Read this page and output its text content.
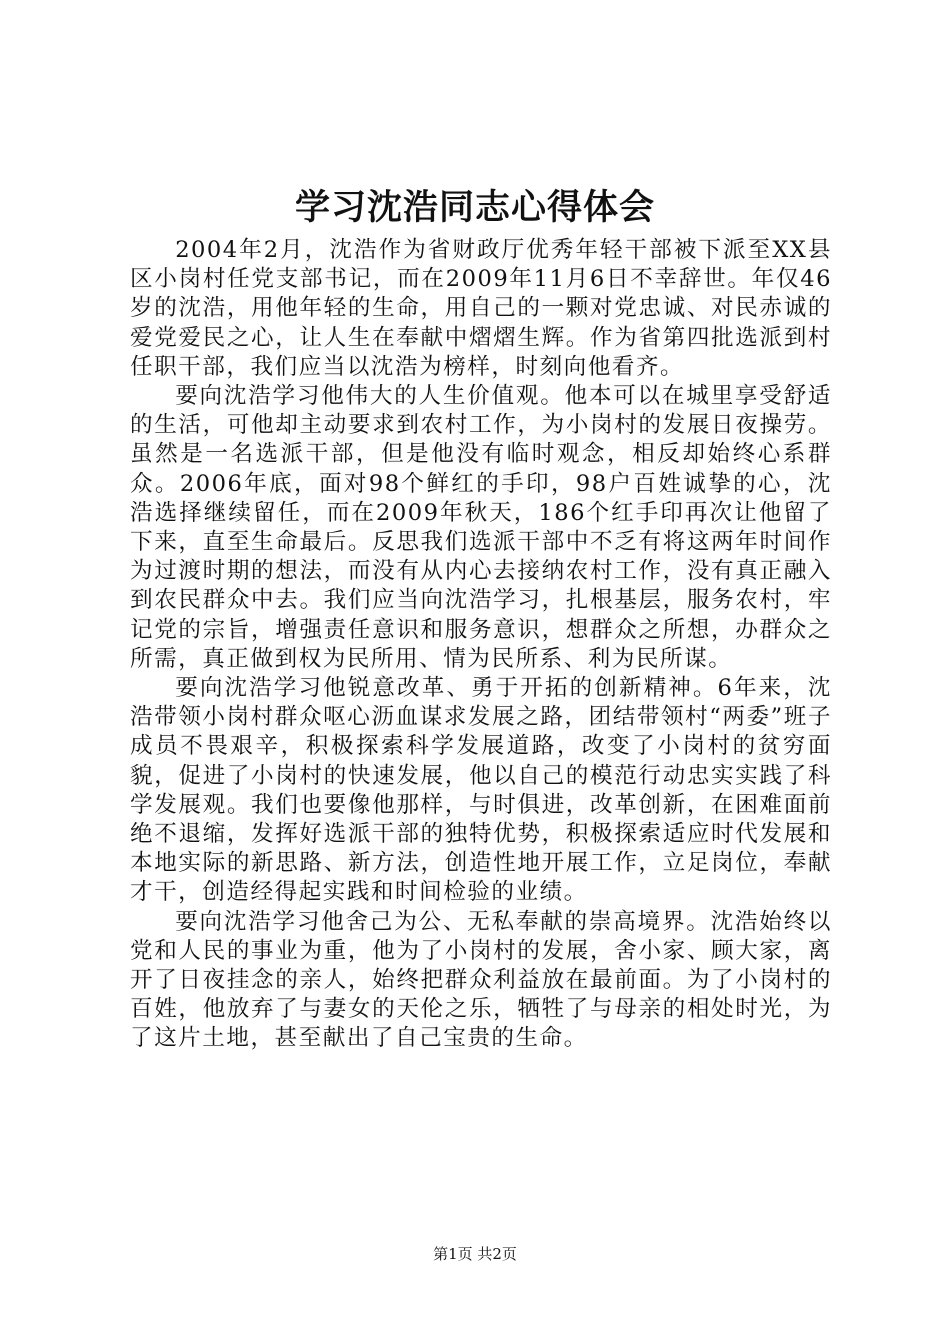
学习沈浩同志心得体会

2004年2月，沈浩作为省财政厅优秀年轻干部被下派至XX县区小岗村任党支部书记，而在2009年11月6日不幸辞世。年仅46岁的沈浩，用他年轻的生命，用自己的一颗对党忠诚、对民赤诚的爱党爱民之心，让人生在奉献中熠熠生辉。作为省第四批选派到村任职干部，我们应当以沈浩为榜样，时刻向他看齐。

要向沈浩学习他伟大的人生价值观。他本可以在城里享受舒适的生活，可他却主动要求到农村工作，为小岗村的发展日夜操劳。虽然是一名选派干部，但是他没有临时观念，相反却始终心系群众。2006年底，面对98个鲜红的手印，98户百姓诚挚的心，沈浩选择继续留任，而在2009年秋天，186个红手印再次让他留了下来，直至生命最后。反思我们选派干部中不乏有将这两年时间作为过渡时期的想法，而没有从内心去接纳农村工作，没有真正融入到农民群众中去。我们应当向沈浩学习，扎根基层，服务农村，牢记党的宗旨，增强责任意识和服务意识，想群众之所想，办群众之所需，真正做到权为民所用、情为民所系、利为民所谋。

要向沈浩学习他锐意改革、勇于开拓的创新精神。6年来，沈浩带领小岗村群众呕心沥血谋求发展之路，团结带领村“两委”班子成员不畏艰辛，积极探索科学发展道路，改变了小岗村的贫穷面貌，促进了小岗村的快速发展，他以自己的模范行动忠实实践了科学发展观。我们也要像他那样，与时俱进，改革创新，在困难面前绝不退缩，发挥好选派干部的独特优势，积极探索适应时代发展和本地实际的新思路、新方法，创造性地开展工作，立足岗位，奉献才干，创造经得起实践和时间检验的业绩。

要向沈浩学习他舍己为公、无私奉献的崇高境界。沈浩始终以党和人民的事业为重，他为了小岗村的发展，舍小家、顾大家，离开了日夜挂念的亲人，始终把群众利益放在最前面。为了小岗村的百姓，他放弃了与妻女的天伦之乐，牺牲了与母亲的相处时光，为了这片土地，甚至献出了自己宝贵的生命。

第1页 共2页
